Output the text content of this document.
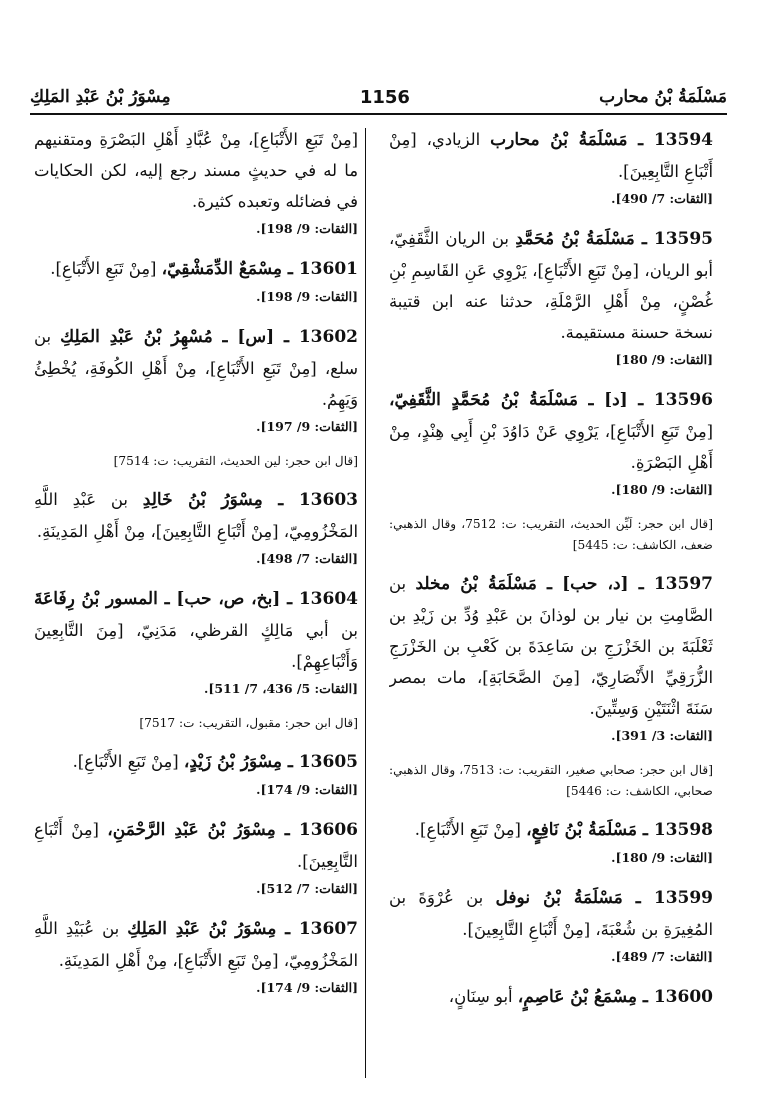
مِسْوَرُ بْنُ عَبْدِ المَلِكِ	1156	مَسْلَمَةُ بْنُ محارب

13594 ـ مَسْلَمَةُ بْنُ محارب الزيادي، [مِنْ أَتْبَاعِ التَّابِعِينَ].
[الثقات: 7/ 490].

13595 ـ مَسْلَمَةُ بْنُ مُحَمَّدِ بن الريان الثَّقَفِيّ، أبو الريان، [مِنْ تَبَعِ الأَتْبَاعِ]، يَرْوِي عَنِ القَاسِمِ بْنِ غُصْنٍ، مِنْ أَهْلِ الرَّمْلَةِ، حدثنا عنه ابن قتيبة نسخة حسنة مستقيمة.
[الثقات: 9/ 180]

13596 ـ [د] ـ مَسْلَمَةُ بْنُ مُحَمَّدٍ الثَّقَفِيّ، [مِنْ تَبَعِ الأَتْبَاعِ]، يَرْوِي عَنْ دَاوُدَ بْنِ أَبِي هِنْدٍ، مِنْ أَهْلِ البَصْرَةِ.
[الثقات: 9/ 180].

[قال ابن حجر: لَيِّن الحديث، التقريب: ت: 7512، وقال الذهبي: ضعف، الكاشف: ت: 5445]

13597 ـ [د، حب] ـ مَسْلَمَةُ بْنُ مخلد بن الصَّامِتِ بن نيار بن لوذانَ بن عَبْدِ وُدِّ بن زَيْدِ بن ثَعْلَبَةَ بن الخَزْرَجِ بن سَاعِدَةَ بن كَعْبِ بن الخَزْرَجِ الزُّرَقِيِّ الأَنْصَارِيّ، [مِنَ الصَّحَابَةِ]، مات بمصر سَنَةَ اثْنَتَيْنِ وَسِتِّينَ.
[الثقات: 3/ 391].

[قال ابن حجر: صحابي صغير، التقريب: ت: 7513، وقال الذهبي: صحابي، الكاشف: ت: 5446]

13598 ـ مَسْلَمَةُ بْنُ نَافِعٍ، [مِنْ تَبَعِ الأَتْبَاعِ].
[الثقات: 9/ 180].

13599 ـ مَسْلَمَةُ بْنُ نوفل بن عُرْوَةَ بن المُغِيرَةِ بن شُعْبَةَ، [مِنْ أَتْبَاعِ التَّابِعِينَ].
[الثقات: 7/ 489].

13600 ـ مِسْمَعُ بْنُ عَاصِمٍ، أبو سِنَانٍ،

[مِنْ تَبَعِ الأَتْبَاعِ]، مِنْ عُبَّادِ أَهْلِ البَصْرَةِ ومتقنيهم ما له في حديثٍ مسند رجع إليه، لكن الحكايات في فضائله وتعبده كثيرة.
[الثقات: 9/ 198].

13601 ـ مِسْمَعٌ الدِّمَشْقِيّ، [مِنْ تَبَعِ الأَتْبَاعِ].
[الثقات: 9/ 198].

13602 ـ [س] ـ مُسْهِرُ بْنُ عَبْدِ المَلِكِ بن سلع، [مِنْ تَبَعِ الأَتْبَاعِ]، مِنْ أَهْلِ الكُوفَةِ، يُخْطِئُ وَيَهِمُ.
[الثقات: 9/ 197].

[قال ابن حجر: لين الحديث، التقريب: ت: 7514]

13603 ـ مِسْوَرُ بْنُ خَالِدِ بن عَبْدِ اللَّهِ المَخْزُومِيّ، [مِنْ أَتْبَاعِ التَّابِعِينَ]، مِنْ أَهْلِ المَدِينَةِ.
[الثقات: 7/ 498].

13604 ـ [بخ، ص، حب] ـ المسور بْنُ رِفَاعَةَ بن أبي مَالِكٍ القرظي، مَدَنِيّ، [مِنَ التَّابِعِينَ وَأَتْبَاعِهِمْ].
[الثقات: 5/ 436، 7/ 511].

[قال ابن حجر: مقبول، التقريب: ت: 7517]

13605 ـ مِسْوَرُ بْنُ زَيْدٍ، [مِنْ تَبَعِ الأَتْبَاعِ].
[الثقات: 9/ 174].

13606 ـ مِسْوَرُ بْنُ عَبْدِ الرَّحْمَنِ، [مِنْ أَتْبَاعِ التَّابِعِينَ].
[الثقات: 7/ 512].

13607 ـ مِسْوَرُ بْنُ عَبْدِ المَلِكِ بن عُبَيْدِ اللَّهِ المَخْزُومِيّ، [مِنْ تَبَعِ الأَتْبَاعِ]، مِنْ أَهْلِ المَدِينَةِ.
[الثقات: 9/ 174].
